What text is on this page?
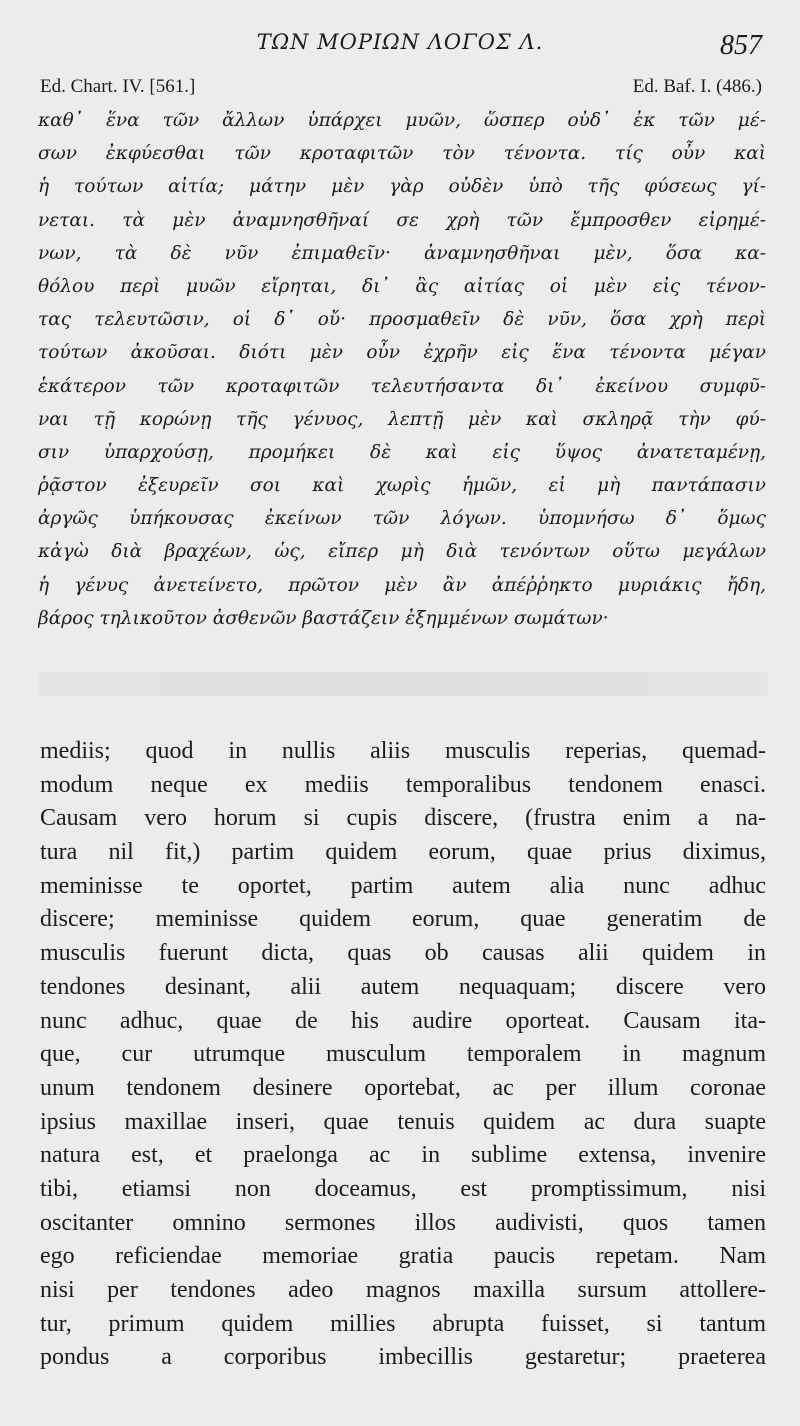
ΤΩΝ ΜΟΡΙΩΝ ΛΟΓΟΣ Λ.	857
Ed. Chart. IV. [561.]	Ed. Baf. I. (486.)
καθ᾽ ἕνα τῶν ἄλλων ὑπάρχει μυῶν, ὥσπερ οὐδ᾽ ἐκ τῶν μέ-
σων ἐκφύεσθαι τῶν κροταφιτῶν τὸν τένοντα. τίς οὖν καὶ
ἡ τούτων αἰτία; μάτην μὲν γὰρ οὐδὲν ὑπὸ τῆς φύσεως γί-
νεται. τὰ μὲν ἀναμνησθῆναί σε χρὴ τῶν ἔμπροσθεν εἰρημέ-
νων, τὰ δὲ νῦν ἐπιμαθεῖν· ἀναμνησθῆναι μὲν, ὅσα κα-
θόλου περὶ μυῶν εἴρηται, δι᾽ ἃς αἰτίας οἱ μὲν εἰς τένον-
τας τελευτῶσιν, οἱ δ᾽ οὔ· προσμαθεῖν δὲ νῦν, ὅσα χρὴ περὶ
τούτων ἀκοῦσαι. διότι μὲν οὖν ἐχρῆν εἰς ἕνα τένοντα μέγαν
ἑκάτερον τῶν κροταφιτῶν τελευτήσαντα δι᾽ ἐκείνου συμφῦ-
ναι τῇ κορώνῃ τῆς γένυος, λεπτῇ μὲν καὶ σκληρᾷ τὴν φύ-
σιν ὑπαρχούσῃ, προμήκει δὲ καὶ εἰς ὕψος ἀνατεταμένῃ,
ῥᾷστον ἐξευρεῖν σοι καὶ χωρὶς ἡμῶν, εἰ μὴ παντάπασιν
ἀργῶς ὑπήκουσας ἐκείνων τῶν λόγων. ὑπομνήσω δ᾽ ὅμως
κἀγὼ διὰ βραχέων, ὡς, εἴπερ μὴ διὰ τενόντων οὕτω μεγάλων
ἡ γένυς ἀνετείνετο, πρῶτον μὲν ἂν ἀπέῤῥηκτο μυριάκις ἤδη,
βάρος τηλικοῦτον ἀσθενῶν βαστάζειν ἐξημμένων σωμάτων·
mediis; quod in nullis aliis musculis reperias, quemad-
modum neque ex mediis temporalibus tendonem enasci.
Causam vero horum si cupis discere, (frustra enim a na-
tura nil fit,) partim quidem eorum, quae prius diximus,
meminisse te oportet, partim autem alia nunc adhuc
discere; meminisse quidem eorum, quae generatim de
musculis fuerunt dicta, quas ob causas alii quidem in
tendones desinant, alii autem nequaquam; discere vero
nunc adhuc, quae de his audire oporteat. Causam ita-
que, cur utrumque musculum temporalem in magnum
unum tendonem desinere oportebat, ac per illum coronae
ipsius maxillae inseri, quae tenuis quidem ac dura suapte
natura est, et praelonga ac in sublime extensa, invenire
tibi, etiamsi non doceamus, est promptissimum, nisi
oscitanter omnino sermones illos audivisti, quos tamen
ego reficiendae memoriae gratia paucis repetam. Nam
nisi per tendones adeo magnos maxilla sursum attollere-
tur, primum quidem millies abrupta fuisset, si tantum
pondus a corporibus imbecillis gestaretur; praeterea
